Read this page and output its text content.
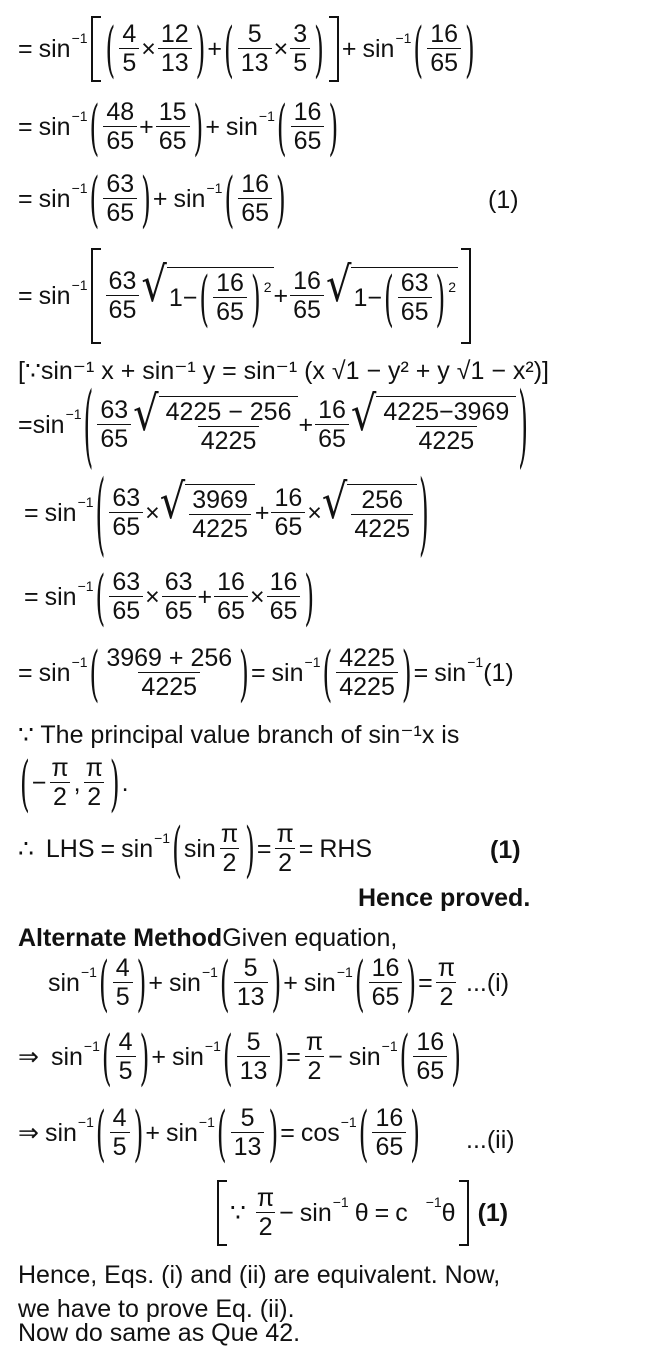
= sin −1 ( $\frac{4}{5} \times \frac{12}{13}$ ) + ( $\frac{5}{13} \times \frac{3}{5}$ ) + sin −1 ( $\frac{16}{65}$ )
= sin −1 ( $\frac{48}{65} + \frac{15}{65}$ ) + sin −1 ( $\frac{16}{65}$ )
= sin −1 ( $\frac{63}{65}$ ) + sin −1 ( $\frac{16}{65}$ )	(1)
= $\sin -1 \frac{63}{65}$ √ 1 − ( $\frac{16}{65}$ ) $2 + \frac{16}{65}$ √ 1 − ( $\frac{63}{65}$ ) 2
[∵sin⁻¹ x + sin⁻¹ y = sin⁻¹ (x √1 − y² + y √1 − x²)]
= sin −1 ( $\frac{63}{65}$ √ $\frac{4225 - 256}{4225} + \frac{16}{65}$ √ $\frac{4225-3969}{4225}$ )
= sin −1 ( $\frac{63}{65}$ × √ $\frac{3969}{4225} + \frac{16}{65}$ × √ $\frac{256}{4225}$ )
= sin −1 ( $\frac{63}{65} \times \frac{63}{65} + \frac{16}{65} \times \frac{16}{65}$ )
= sin −1 ( $\frac{3969 + 256}{4225}$ ) = sin −1 ( $\frac{4225}{4225}$ ) = sin −1 (1)
∵ The principal value branch of sin⁻¹x is
( − $\frac{\pi}{2}$ , $\frac{\pi}{2}$ ) .
∴ LHS = sin −1 ( $\sin \frac{\pi}{2}$ ) = $\frac{\pi}{2}$ = RHS	(1)
Hence proved.
Alternate Method Given equation,
sin −1 ( $\frac{4}{5}$ ) + sin −1 ( $\frac{5}{13}$ ) + sin −1 ( $\frac{16}{65}$ ) = $\frac{\pi}{2} ...(i)$
⇒ sin −1 ( $\frac{4}{5}$ ) + sin −1 ( $\frac{5}{13}$ ) = $\frac{\pi}{2} - \sin -1$ ( $\frac{16}{65}$ )
⇒ sin −1 ( $\frac{4}{5}$ ) + sin −1 ( $\frac{5}{13}$ ) = cos −1 ( $\frac{16}{65}$ ) ...(ii)
∵ $\frac{\pi}{2} - \sin -1$ θ = c   −1 θ (1)
Hence, Eqs. (i) and (ii) are equivalent. Now, we have to prove Eq. (ii).
Now do same as Que 42.
